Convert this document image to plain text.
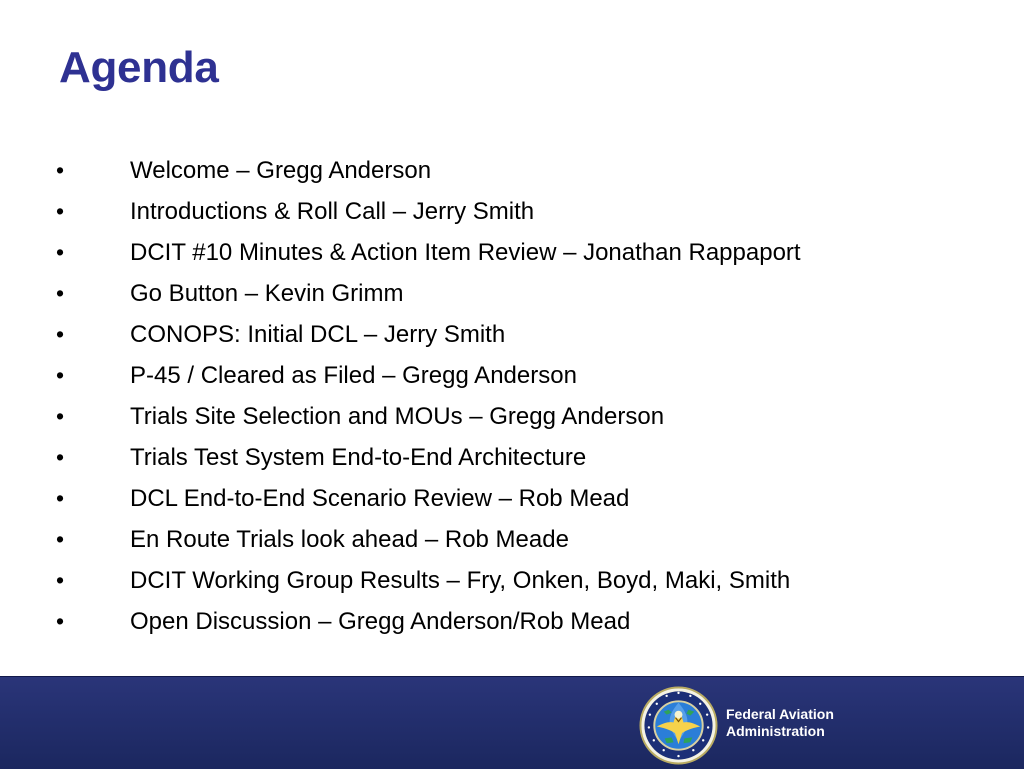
Agenda
•	Welcome – Gregg Anderson
•	Introductions & Roll Call – Jerry Smith
•	DCIT #10 Minutes & Action Item Review – Jonathan Rappaport
•	Go Button – Kevin Grimm
•	CONOPS: Initial DCL – Jerry Smith
•	P-45 / Cleared as Filed – Gregg Anderson
•	Trials Site Selection and MOUs – Gregg Anderson
•	Trials Test System End-to-End Architecture
•	DCL End-to-End Scenario Review – Rob Mead
•	En Route Trials look ahead – Rob Meade
•	DCIT Working Group Results – Fry, Onken, Boyd, Maki, Smith
•	Open Discussion – Gregg Anderson/Rob Mead
Federal Aviation
Administration
